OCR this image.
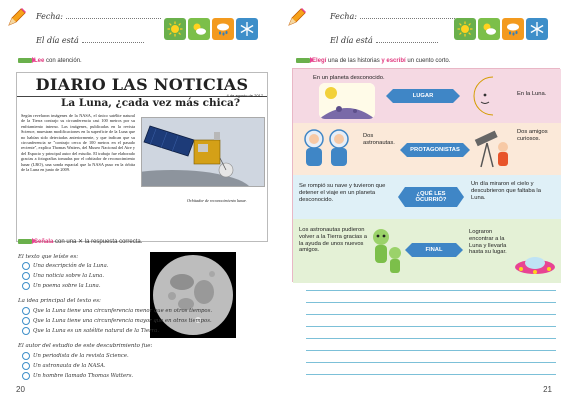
Fecha:
El día está
Lee con atención.
DIARIO LAS NOTICIAS
La Luna, ¿cada vez más chica?
4 de agosto de 2017
Según revelaron imágenes de la NASA, el único satélite natural de la Tierra contrajo su circunferencia casi 100 metros por su enfriamiento interno. Las imágenes, publicadas en la revista Science, muestran modificaciones en la superficie de la Luna que no habían sido detectadas anteriormente, y que indican que su circunferencia se "contrajo cerca de 100 metros en el pasado reciente", explica Thomas Watters, del Museo Nacional del Aire y del Espacio y principal autor del estudio. El trabajo fue elaborado gracias a fotografías tomadas por el orbitador de reconocimiento lunar (LRO), una sonda espacial que la NASA puso en la órbita de la Luna en junio de 2009.
Orbitador de reconocimiento lunar.
Señala con una ✕ la respuesta correcta.
El texto que leíste es:
Una descripción de la Luna.
Una noticia sobre la Luna.
Un poema sobre la Luna.
La idea principal del texto es:
Que la Luna tiene una circunferencia menor que en otros tiempos.
Que la Luna tiene una circunferencia mayor que en otros tiempos.
Que la Luna es un satélite natural de la Tierra.
El autor del estudio de este descubrimiento fue:
Un periodista de la revista Science.
Un astronauta de la NASA.
Un hombre llamado Thomas Watters.
20
Fecha:
El día está
Elegí una de las historias y escribí un cuento corto.
En un planeta desconocido.
LUGAR	En la Luna.
Dos astronautas.
PROTAGONISTAS
Dos amigos curiosos.
Se rompió su nave y tuvieron que detener el viaje en un planeta desconocido.
¿QUÉ LES OCURRIÓ?
Un día miraron el cielo y descubrieron que faltaba la Luna.
Los astronautas pudieron volver a la Tierra gracias a la ayuda de unos nuevos amigos.	FINAL
Lograron encontrar a la Luna y llevarla hasta su lugar.
21
